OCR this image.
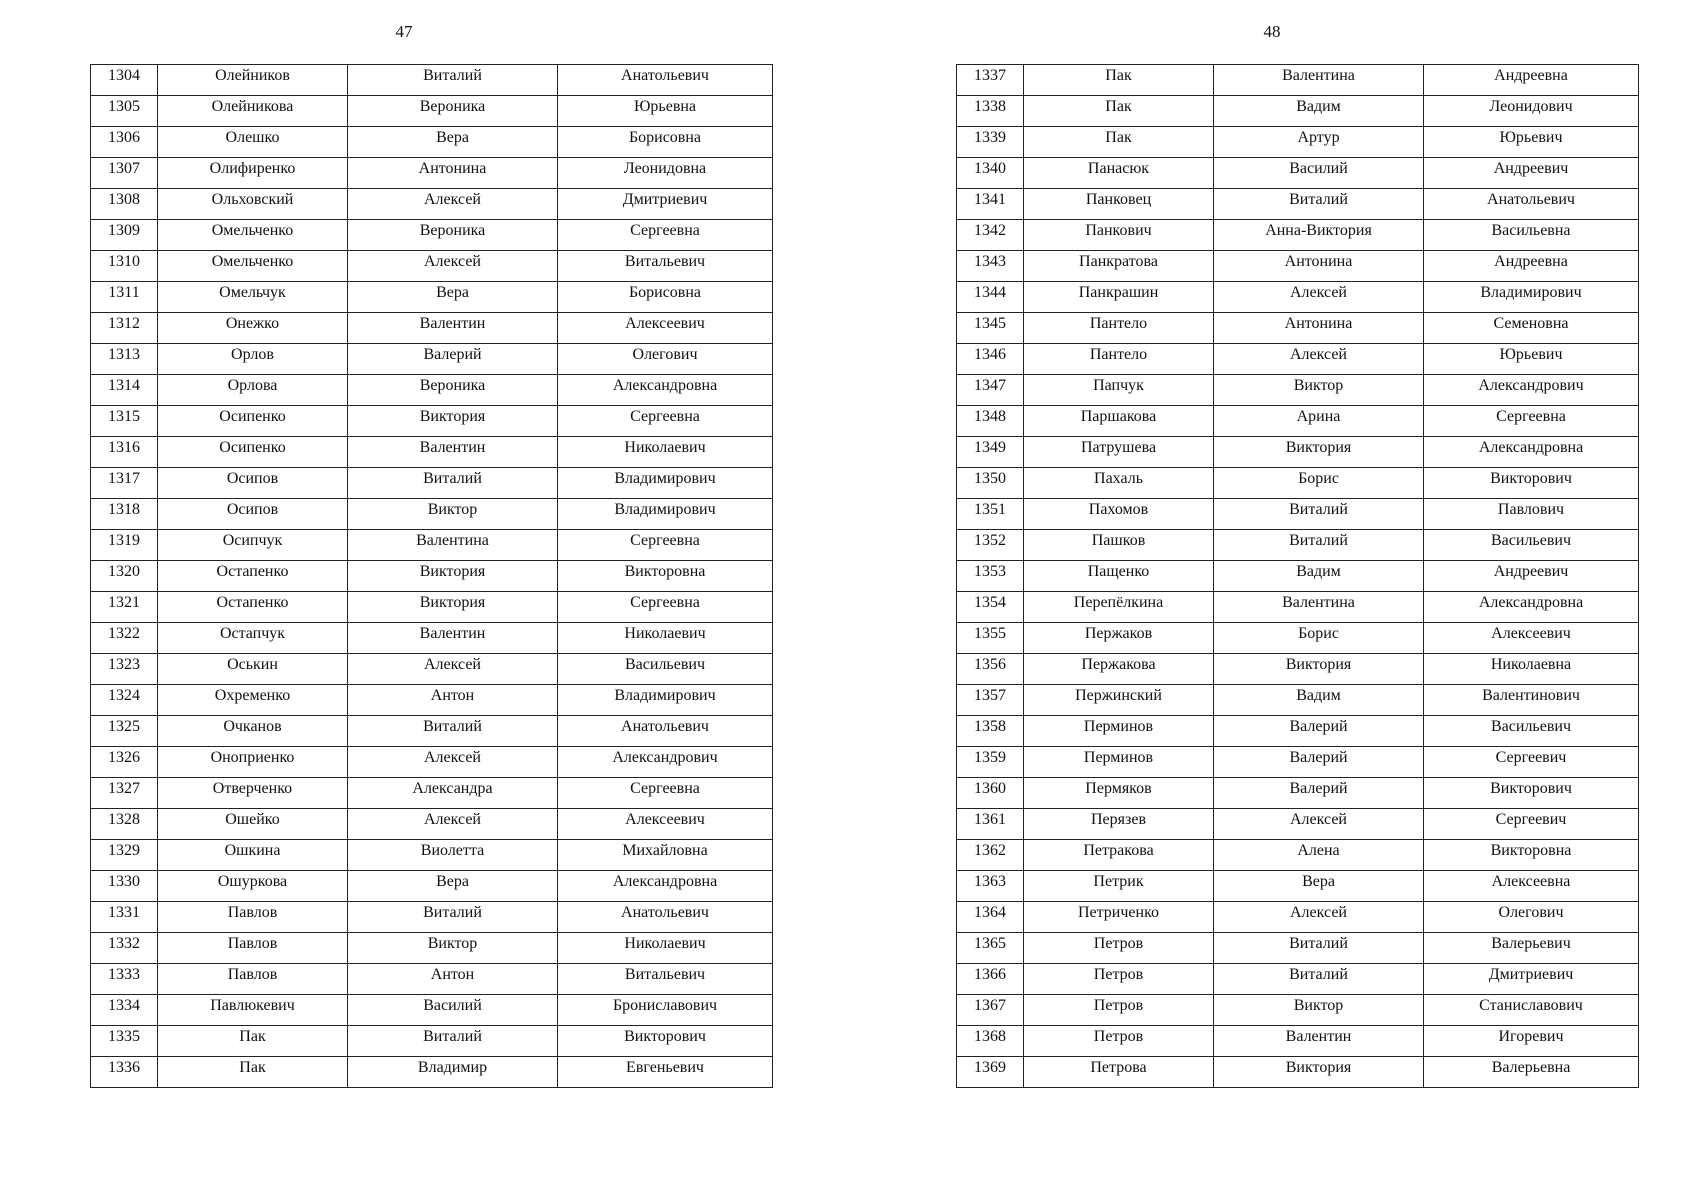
47
1304	Олейников	Виталий	Анатольевич
1305	Олейникова	Вероника	Юрьевна
1306	Олешко	Вера	Борисовна
1307	Олифиренко	Антонина	Леонидовна
1308	Ольховский	Алексей	Дмитриевич
1309	Омельченко	Вероника	Сергеевна
1310	Омельченко	Алексей	Витальевич
1311	Омельчук	Вера	Борисовна
1312	Онежко	Валентин	Алексеевич
1313	Орлов	Валерий	Олегович
1314	Орлова	Вероника	Александровна
1315	Осипенко	Виктория	Сергеевна
1316	Осипенко	Валентин	Николаевич
1317	Осипов	Виталий	Владимирович
1318	Осипов	Виктор	Владимирович
1319	Осипчук	Валентина	Сергеевна
1320	Остапенко	Виктория	Викторовна
1321	Остапенко	Виктория	Сергеевна
1322	Остапчук	Валентин	Николаевич
1323	Оськин	Алексей	Васильевич
1324	Охременко	Антон	Владимирович
1325	Очканов	Виталий	Анатольевич
1326	Оноприенко	Алексей	Александрович
1327	Отверченко	Александра	Сергеевна
1328	Ошейко	Алексей	Алексеевич
1329	Ошкина	Виолетта	Михайловна
1330	Ошуркова	Вера	Александровна
1331	Павлов	Виталий	Анатольевич
1332	Павлов	Виктор	Николаевич
1333	Павлов	Антон	Витальевич
1334	Павлюкевич	Василий	Брониславович
1335	Пак	Виталий	Викторович
1336	Пак	Владимир	Евгеньевич
48
1337	Пак	Валентина	Андреевна
1338	Пак	Вадим	Леонидович
1339	Пак	Артур	Юрьевич
1340	Панасюк	Василий	Андреевич
1341	Панковец	Виталий	Анатольевич
1342	Панкович	Анна-Виктория	Васильевна
1343	Панкратова	Антонина	Андреевна
1344	Панкрашин	Алексей	Владимирович
1345	Пантело	Антонина	Семеновна
1346	Пантело	Алексей	Юрьевич
1347	Папчук	Виктор	Александрович
1348	Паршакова	Арина	Сергеевна
1349	Патрушева	Виктория	Александровна
1350	Пахаль	Борис	Викторович
1351	Пахомов	Виталий	Павлович
1352	Пашков	Виталий	Васильевич
1353	Пащенко	Вадим	Андреевич
1354	Перепёлкина	Валентина	Александровна
1355	Пержаков	Борис	Алексеевич
1356	Пержакова	Виктория	Николаевна
1357	Пержинский	Вадим	Валентинович
1358	Перминов	Валерий	Васильевич
1359	Перминов	Валерий	Сергеевич
1360	Пермяков	Валерий	Викторович
1361	Перязев	Алексей	Сергеевич
1362	Петракова	Алена	Викторовна
1363	Петрик	Вера	Алексеевна
1364	Петриченко	Алексей	Олегович
1365	Петров	Виталий	Валерьевич
1366	Петров	Виталий	Дмитриевич
1367	Петров	Виктор	Станиславович
1368	Петров	Валентин	Игоревич
1369	Петрова	Виктория	Валерьевна
